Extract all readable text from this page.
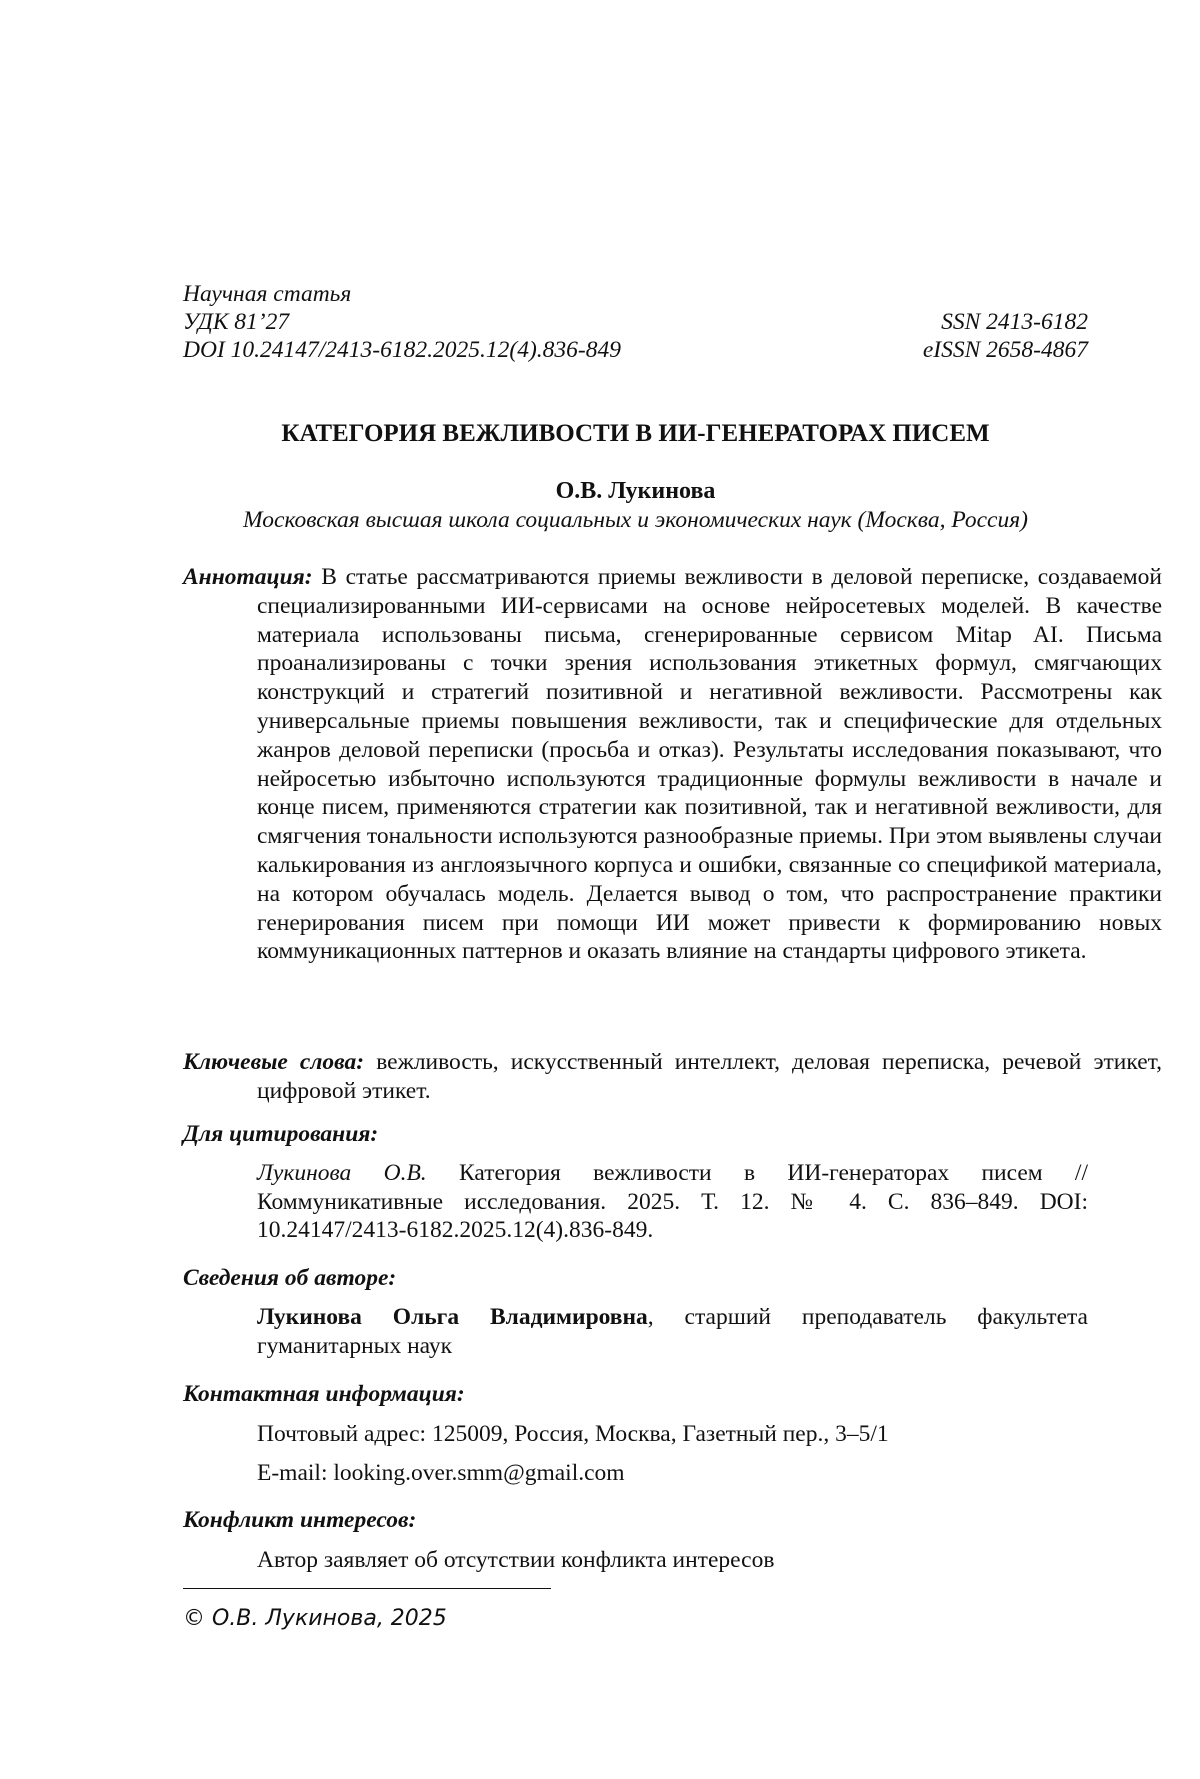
Научная статья
УДК 81’27	SSN 2413-6182
DOI 10.24147/2413-6182.2025.12(4).836-849	eISSN 2658-4867
КАТЕГОРИЯ ВЕЖЛИВОСТИ В ИИ-ГЕНЕРАТОРАХ ПИСЕМ
О.В. Лукинова
Московская высшая школа социальных и экономических наук (Москва, Россия)
Аннотация: В статье рассматриваются приемы вежливости в деловой переписке, создаваемой специализированными ИИ-сервисами на основе нейросетевых моделей. В качестве материала использованы письма, сгенерированные сервисом Mitap AI. Письма проанализированы с точки зрения использования этикетных формул, смягчающих конструкций и стратегий позитивной и негативной вежливости. Рассмотрены как универсальные приемы повышения вежливости, так и специфические для отдельных жанров деловой переписки (просьба и отказ). Результаты исследования показывают, что нейросетью избыточно используются традиционные формулы вежливости в начале и конце писем, применяются стратегии как позитивной, так и негативной вежливости, для смягчения тональности используются разнообразные приемы. При этом выявлены случаи калькирования из англоязычного корпуса и ошибки, связанные со спецификой материала, на котором обучалась модель. Делается вывод о том, что распространение практики генерирования писем при помощи ИИ может привести к формированию новых коммуникационных паттернов и оказать влияние на стандарты цифрового этикета.
Ключевые слова: вежливость, искусственный интеллект, деловая переписка, речевой этикет, цифровой этикет.
Для цитирования:
Лукинова О.В. Категория вежливости в ИИ-генераторах писем // Коммуникативные исследования. 2025. Т. 12. № 4. С. 836–849. DOI: 10.24147/2413-6182.2025.12(4).836-849.
Сведения об авторе:
Лукинова Ольга Владимировна, старший преподаватель факультета гуманитарных наук
Контактная информация:
Почтовый адрес: 125009, Россия, Москва, Газетный пер., 3–5/1
E-mail: looking.over.smm@gmail.com
Конфликт интересов:
Автор заявляет об отсутствии конфликта интересов
© О.В. Лукинова, 2025
